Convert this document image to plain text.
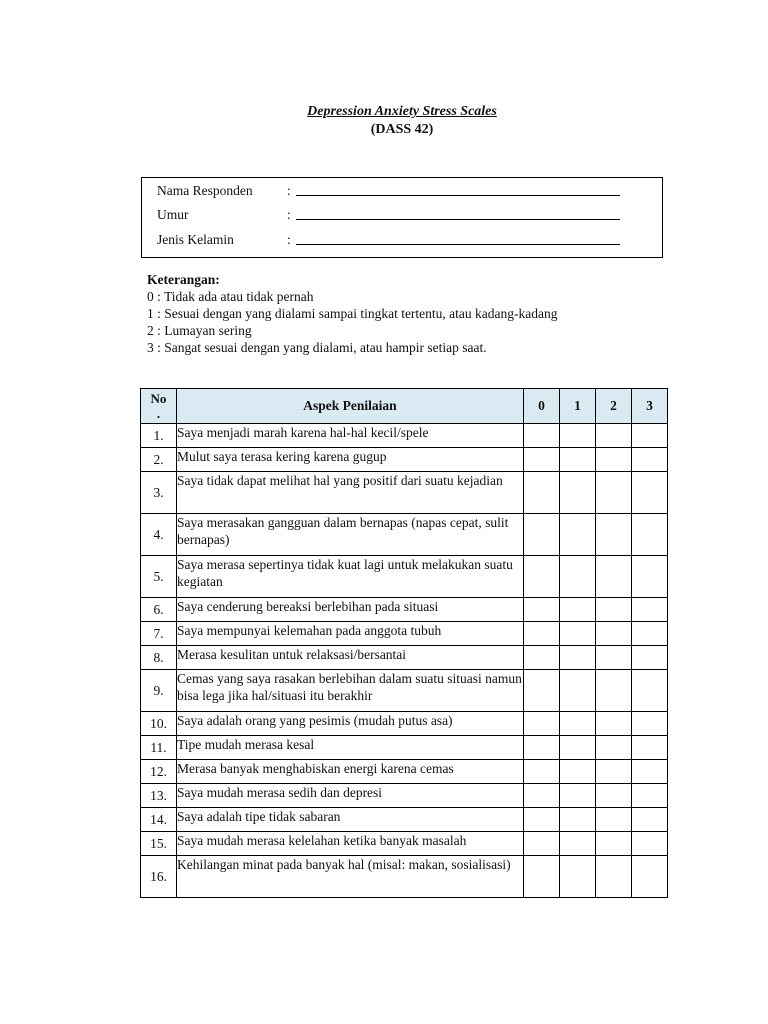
Depression Anxiety Stress Scales
(DASS 42)
Nama Responden	:
Umur	:
Jenis Kelamin	:
Keterangan:
0 : Tidak ada atau tidak pernah
1 : Sesuai dengan yang dialami sampai tingkat tertentu, atau kadang-kadang
2 : Lumayan sering
3 : Sangat sesuai dengan yang dialami, atau hampir setiap saat.
No
.	Aspek Penilaian	0	1	2	3
1.	Saya menjadi marah karena hal-hal kecil/spele				
2.	Mulut saya terasa kering karena gugup				
3.	Saya tidak dapat melihat hal yang positif dari suatu kejadian				
4.	Saya merasakan gangguan dalam bernapas (napas cepat, sulit bernapas)				
5.	Saya merasa sepertinya tidak kuat lagi untuk melakukan suatu kegiatan				
6.	Saya cenderung bereaksi berlebihan pada situasi				
7.	Saya mempunyai kelemahan pada anggota tubuh				
8.	Merasa kesulitan untuk relaksasi/bersantai				
9.	Cemas yang saya rasakan berlebihan dalam suatu situasi namun bisa lega jika hal/situasi itu berakhir				
10.	Saya adalah orang yang pesimis (mudah putus asa)				
11.	Tipe mudah merasa kesal				
12.	Merasa banyak menghabiskan energi karena cemas				
13.	Saya mudah merasa sedih dan depresi				
14.	Saya adalah tipe tidak sabaran				
15.	Saya mudah merasa kelelahan ketika banyak masalah				
16.	Kehilangan minat pada banyak hal (misal: makan, sosialisasi)				
